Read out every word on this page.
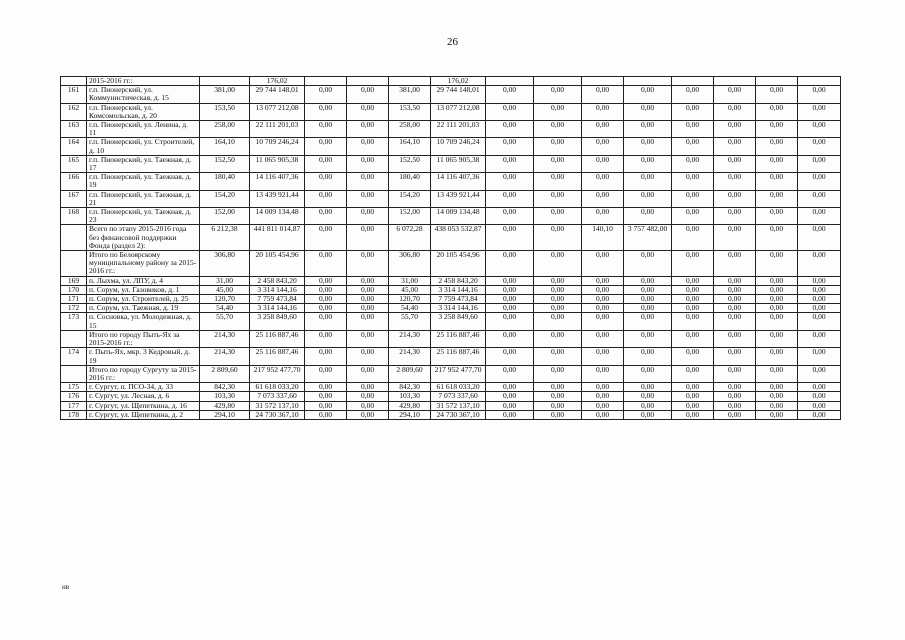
26
	2015-2016 гг.:		176,02				176,02								
161	г.п. Пионерский, ул. Коммунистическая, д. 15	381,00	29 744 148,01	0,00	0,00	381,00	29 744 148,01	0,00	0,00	0,00	0,00	0,00	0,00	0,00	0,00
162	г.п. Пионерский, ул. Комсомольская, д. 20	153,50	13 077 212,08	0,00	0,00	153,50	13 077 212,08	0,00	0,00	0,00	0,00	0,00	0,00	0,00	0,00
163	г.п. Пионерский, ул. Ленина, д. 11	258,00	22 111 201,03	0,00	0,00	258,00	22 111 201,03	0,00	0,00	0,00	0,00	0,00	0,00	0,00	0,00
164	г.п. Пионерский, ул. Строителей, д. 10	164,10	10 709 246,24	0,00	0,00	164,10	10 709 246,24	0,00	0,00	0,00	0,00	0,00	0,00	0,00	0,00
165	г.п. Пионерский, ул. Таежная, д. 17	152,50	11 065 905,38	0,00	0,00	152,50	11 065 905,38	0,00	0,00	0,00	0,00	0,00	0,00	0,00	0,00
166	г.п. Пионерский, ул. Таежная, д. 19	180,40	14 116 407,36	0,00	0,00	180,40	14 116 407,36	0,00	0,00	0,00	0,00	0,00	0,00	0,00	0,00
167	г.п. Пионерский, ул. Таежная, д. 21	154,20	13 439 921,44	0,00	0,00	154,20	13 439 921,44	0,00	0,00	0,00	0,00	0,00	0,00	0,00	0,00
168	г.п. Пионерский, ул. Таежная, д. 23	152,00	14 009 134,48	0,00	0,00	152,00	14 009 134,48	0,00	0,00	0,00	0,00	0,00	0,00	0,00	0,00
	Всего по этапу 2015-2016 года без финансовой поддержки Фонда (раздел 2):	6 212,38	441 811 014,87	0,00	0,00	6 072,28	438 053 532,87	0,00	0,00	140,10	3 757 482,00	0,00	0,00	0,00	0,00
	Итого по Белоярскому муниципальному району за 2015-2016 гг.:	306,80	20 105 454,96	0,00	0,00	306,80	20 105 454,96	0,00	0,00	0,00	0,00	0,00	0,00	0,00	0,00
169	п. Лыхма, ул. ЛПУ, д. 4	31,00	2 458 843,20	0,00	0,00	31,00	2 458 843,20	0,00	0,00	0,00	0,00	0,00	0,00	0,00	0,00
170	п. Сорум, ул. Газовиков, д. 1	45,00	3 314 144,16	0,00	0,00	45,00	3 314 144,16	0,00	0,00	0,00	0,00	0,00	0,00	0,00	0,00
171	п. Сорум, ул. Строителей, д. 25	120,70	7 759 473,84	0,00	0,00	120,70	7 759 473,84	0,00	0,00	0,00	0,00	0,00	0,00	0,00	0,00
172	п. Сорум, ул. Таежная, д. 19	54,40	3 314 144,16	0,00	0,00	54,40	3 314 144,16	0,00	0,00	0,00	0,00	0,00	0,00	0,00	0,00
173	п. Сосновка, ул. Молодежная, д. 15	55,70	3 258 849,60	0,00	0,00	55,70	3 258 849,60	0,00	0,00	0,00	0,00	0,00	0,00	0,00	0,00
	Итого по городу Пыть-Ях за 2015-2016 гг.:	214,30	25 116 887,46	0,00	0,00	214,30	25 116 887,46	0,00	0,00	0,00	0,00	0,00	0,00	0,00	0,00
174	г. Пыть-Ях, мкр. 3 Кедровый, д. 19	214,30	25 116 887,46	0,00	0,00	214,30	25 116 887,46	0,00	0,00	0,00	0,00	0,00	0,00	0,00	0,00
	Итого по городу Сургуту за 2015-2016 гг.:	2 809,60	217 952 477,70	0,00	0,00	2 809,60	217 952 477,70	0,00	0,00	0,00	0,00	0,00	0,00	0,00	0,00
175	г. Сургут, п. ПСО-34, д. 33	842,30	61 618 033,20	0,00	0,00	842,30	61 618 033,20	0,00	0,00	0,00	0,00	0,00	0,00	0,00	0,00
176	г. Сургут, ул. Лесная, д. 6	103,30	7 073 337,60	0,00	0,00	103,30	7 073 337,60	0,00	0,00	0,00	0,00	0,00	0,00	0,00	0,00
177	г. Сургут, ул. Щепеткина, д. 16	429,80	31 572 137,10	0,00	0,00	429,80	31 572 137,10	0,00	0,00	0,00	0,00	0,00	0,00	0,00	0,00
178	г. Сургут, ул. Щепеткина, д. 2	294,10	24 730 367,10	0,00	0,00	294,10	24 730 367,10	0,00	0,00	0,00	0,00	0,00	0,00	0,00	0,00
нв
